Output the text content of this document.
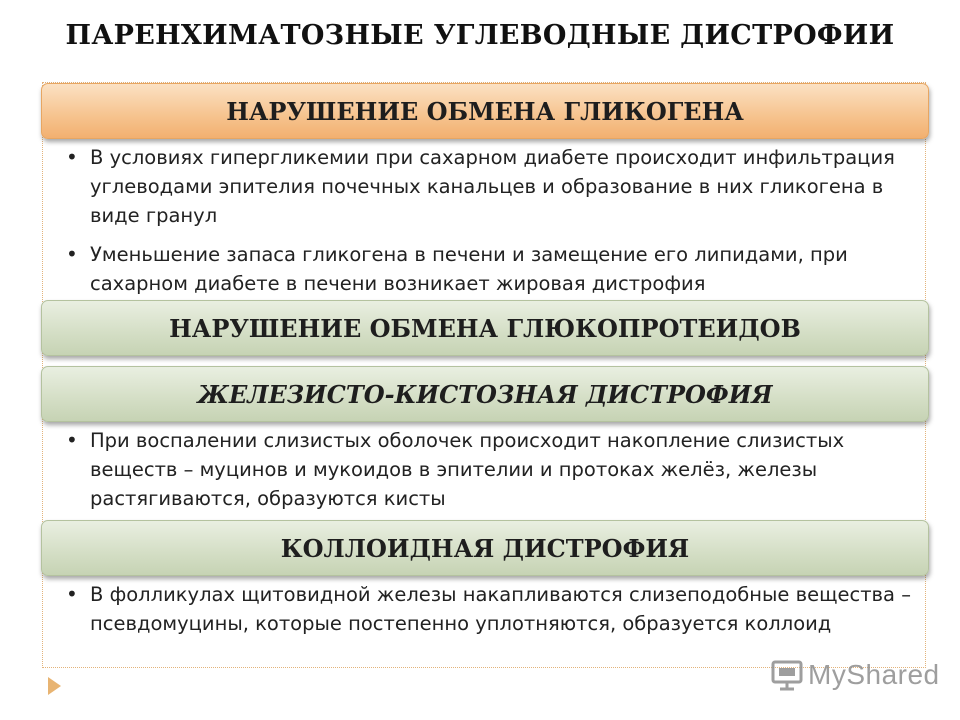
ПАРЕНХИМАТОЗНЫЕ УГЛЕВОДНЫЕ ДИСТРОФИИ
НАРУШЕНИЕ ОБМЕНА ГЛИКОГЕНА
• В условиях гипергликемии при сахарном диабете происходит инфильтрация углеводами эпителия почечных канальцев и образование в них гликогена в виде гранул
• Уменьшение запаса гликогена в печени и замещение его липидами, при сахарном диабете в печени возникает жировая дистрофия
НАРУШЕНИЕ ОБМЕНА ГЛЮКОПРОТЕИДОВ
ЖЕЛЕЗИСТО-КИСТОЗНАЯ ДИСТРОФИЯ
• При воспалении слизистых оболочек происходит накопление слизистых веществ – муцинов и мукоидов в эпителии и протоках желёз, железы растягиваются, образуются кисты
КОЛЛОИДНАЯ ДИСТРОФИЯ
• В фолликулах щитовидной железы накапливаются слизеподобные вещества – псевдомуцины, которые постепенно уплотняются, образуется коллоид
MyShared
